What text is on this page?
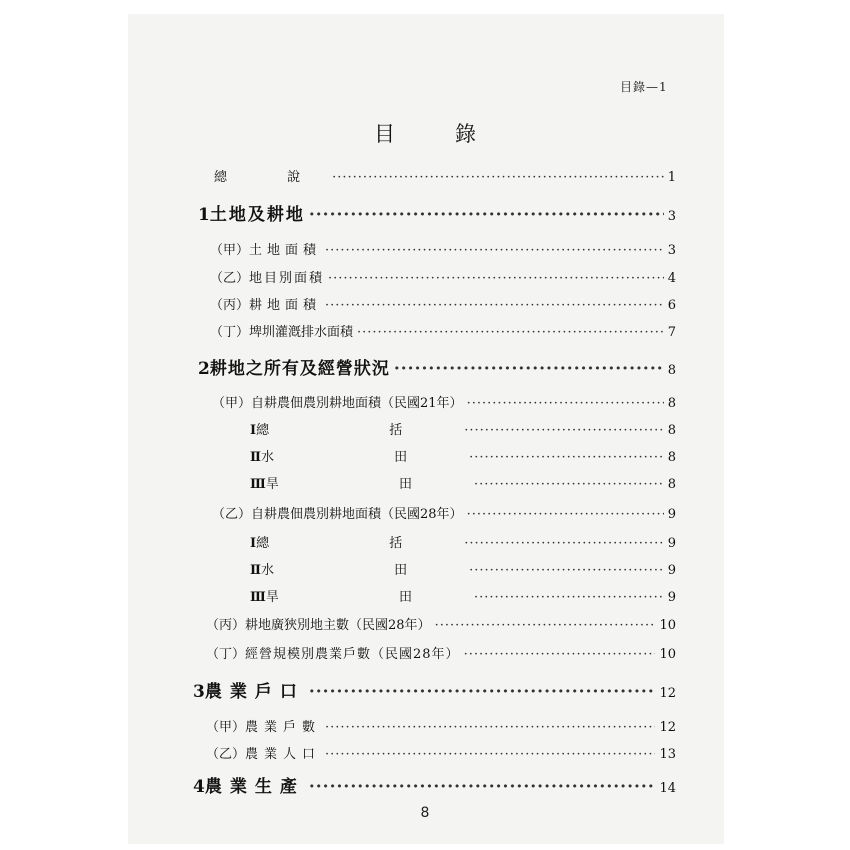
目錄—1
目錄
總 說 ·····	1
1 土地及耕地 ·····	3
（甲） 土地面積 ·····	3
（乙） 地目別面積 ·····	4
（丙） 耕地面積 ·····	6
（丁） 埤圳灌漑排水面積 ·····	7
2 耕地之所有及經營狀況 ·····	8
（甲） 自耕農佃農別耕地面積（民國21年） ·····	8
Ⅰ 總 括 ·····	8
Ⅱ 水 田 ·····	8
Ⅲ 旱 田 ·····	8
（乙） 自耕農佃農別耕地面積（民國28年） ·····	9
Ⅰ 總 括 ·····	9
Ⅱ 水 田 ·····	9
Ⅲ 旱 田 ·····	9
（丙） 耕地廣狹別地主數（民國28年） ·····	10
（丁） 經營規模別農業戶數（民國28年） ·····	10
3 農業戶口 ·····	12
（甲） 農業戶數 ·····	12
（乙） 農業人口 ·····	13
4 農業生產 ·····	14
8
